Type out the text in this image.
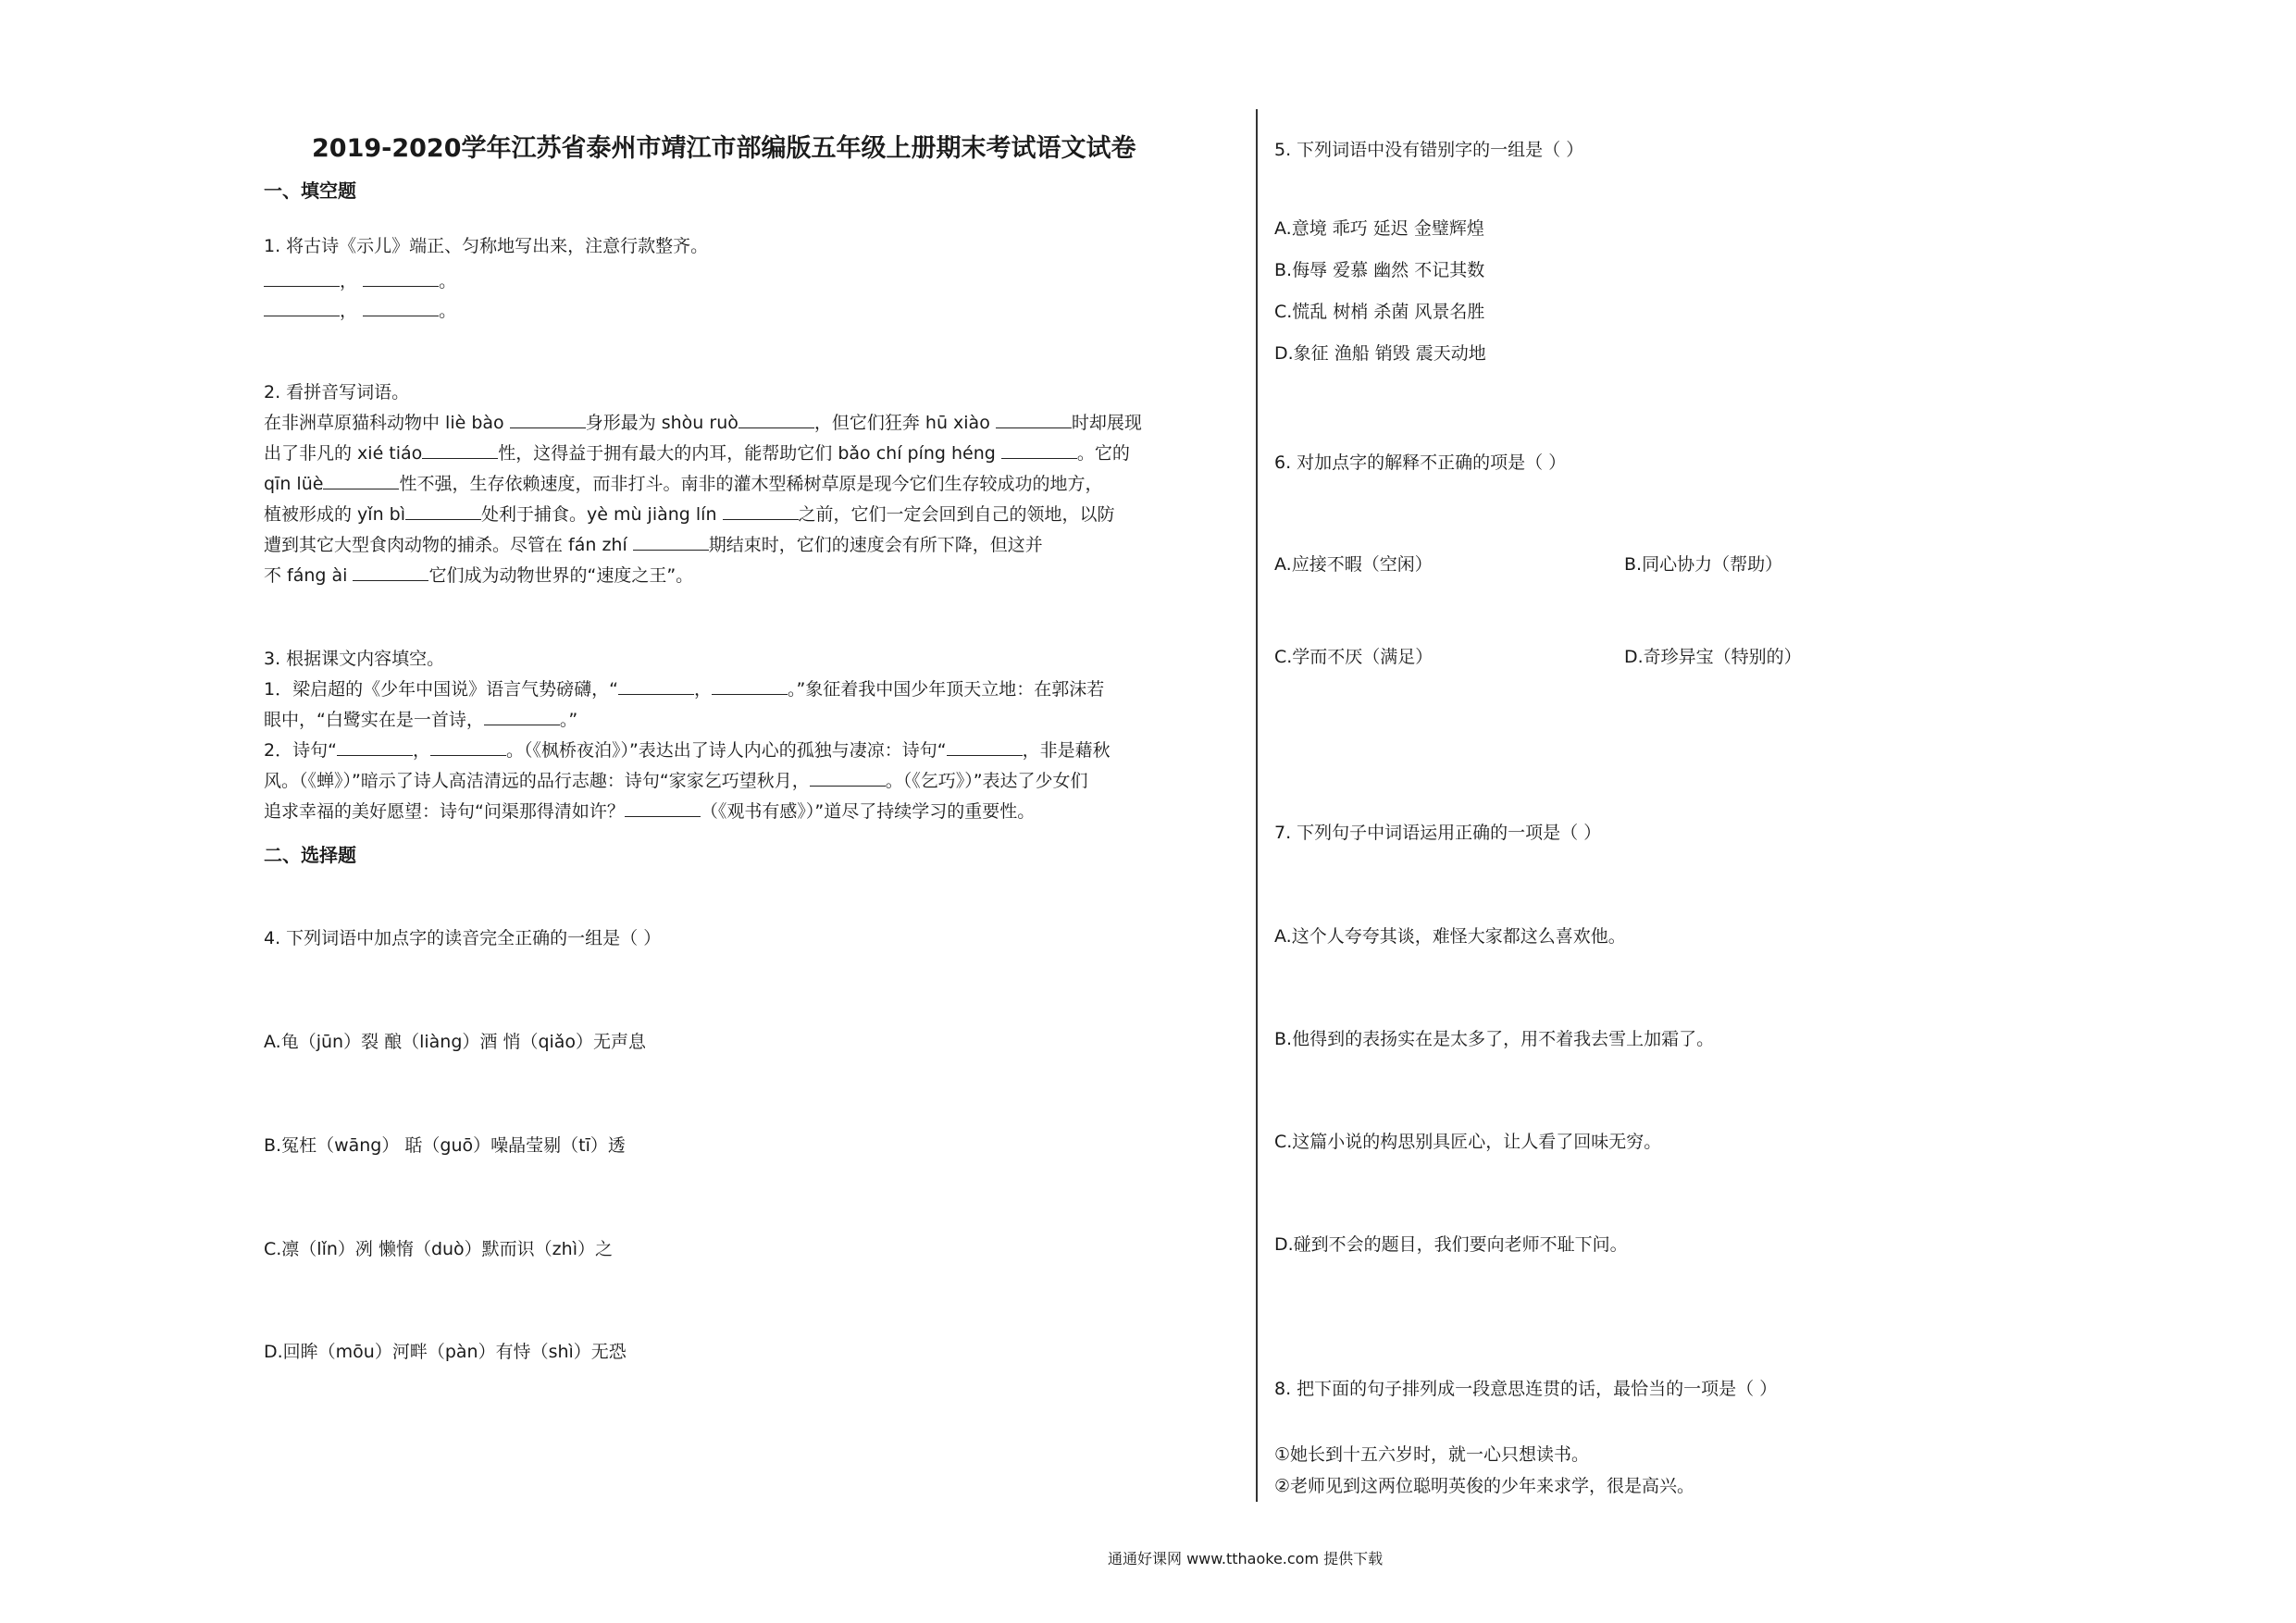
2019-2020学年江苏省泰州市靖江市部编版五年级上册期末考试语文试卷
一、填空题
1. 将古诗《示儿》端正、匀称地写出来，注意行款整齐。
，	。
，	。
2. 看拼音写词语。
在非洲草原猫科动物中 liè bào	身形最为 shòu ruò	，但它们狂奔 hū xiào	时却展现
出了非凡的 xié tiáo	性，这得益于拥有最大的内耳，能帮助它们 bǎo chí píng héng	。它的
qīn lüè	性不强，生存依赖速度，而非打斗。南非的灌木型稀树草原是现今它们生存较成功的地方，
植被形成的 yǐn bì	处利于捕食。yè mù jiàng lín	之前，它们一定会回到自己的领地，以防
遭到其它大型食肉动物的捕杀。尽管在 fán zhí	期结束时，它们的速度会有所下降，但这并
不 fáng ài	它们成为动物世界的“速度之王”。
3. 根据课文内容填空。
1．梁启超的《少年中国说》语言气势磅礴，“	，	。”象征着我中国少年顶天立地：在郭沫若
眼中，“白鹭实在是一首诗，	。”
2．诗句“	，	。（《枫桥夜泊》）”表达出了诗人内心的孤独与凄凉：诗句“	，非是藉秋
风。（《蝉》）”暗示了诗人高洁清远的品行志趣：诗句“家家乞巧望秋月，	。（《乞巧》）”表达了少女们
追求幸福的美好愿望：诗句“问渠那得清如许？	（《观书有感》）”道尽了持续学习的重要性。
二、选择题
4. 下列词语中加点字的读音完全正确的一组是（ ）
A.龟（jūn）裂 酿（liàng）酒 悄（qiǎo）无声息
B.冤枉（wāng） 聒（guō）噪晶莹剔（tī）透
C.凛（lǐn）冽 懒惰（duò）默而识（zhì）之
D.回眸（mōu）河畔（pàn）有恃（shì）无恐
5. 下列词语中没有错别字的一组是（ ）
A.意境 乖巧 延迟 金璧辉煌
B.侮辱 爱慕 幽然 不记其数
C.慌乱 树梢 杀菌 风景名胜
D.象征 渔船 销毁 震天动地
6. 对加点字的解释不正确的项是（ ）
A.应接不暇（空闲）	B.同心协力（帮助）
C.学而不厌（满足）	D.奇珍异宝（特别的）
7. 下列句子中词语运用正确的一项是（ ）
A.这个人夸夸其谈，难怪大家都这么喜欢他。
B.他得到的表扬实在是太多了，用不着我去雪上加霜了。
C.这篇小说的构思别具匠心，让人看了回味无穷。
D.碰到不会的题目，我们要向老师不耻下问。
8. 把下面的句子排列成一段意思连贯的话，最恰当的一项是（ ）
①她长到十五六岁时，就一心只想读书。
②老师见到这两位聪明英俊的少年来求学，很是高兴。
通通好课网 www.tthaoke.com 提供下载
